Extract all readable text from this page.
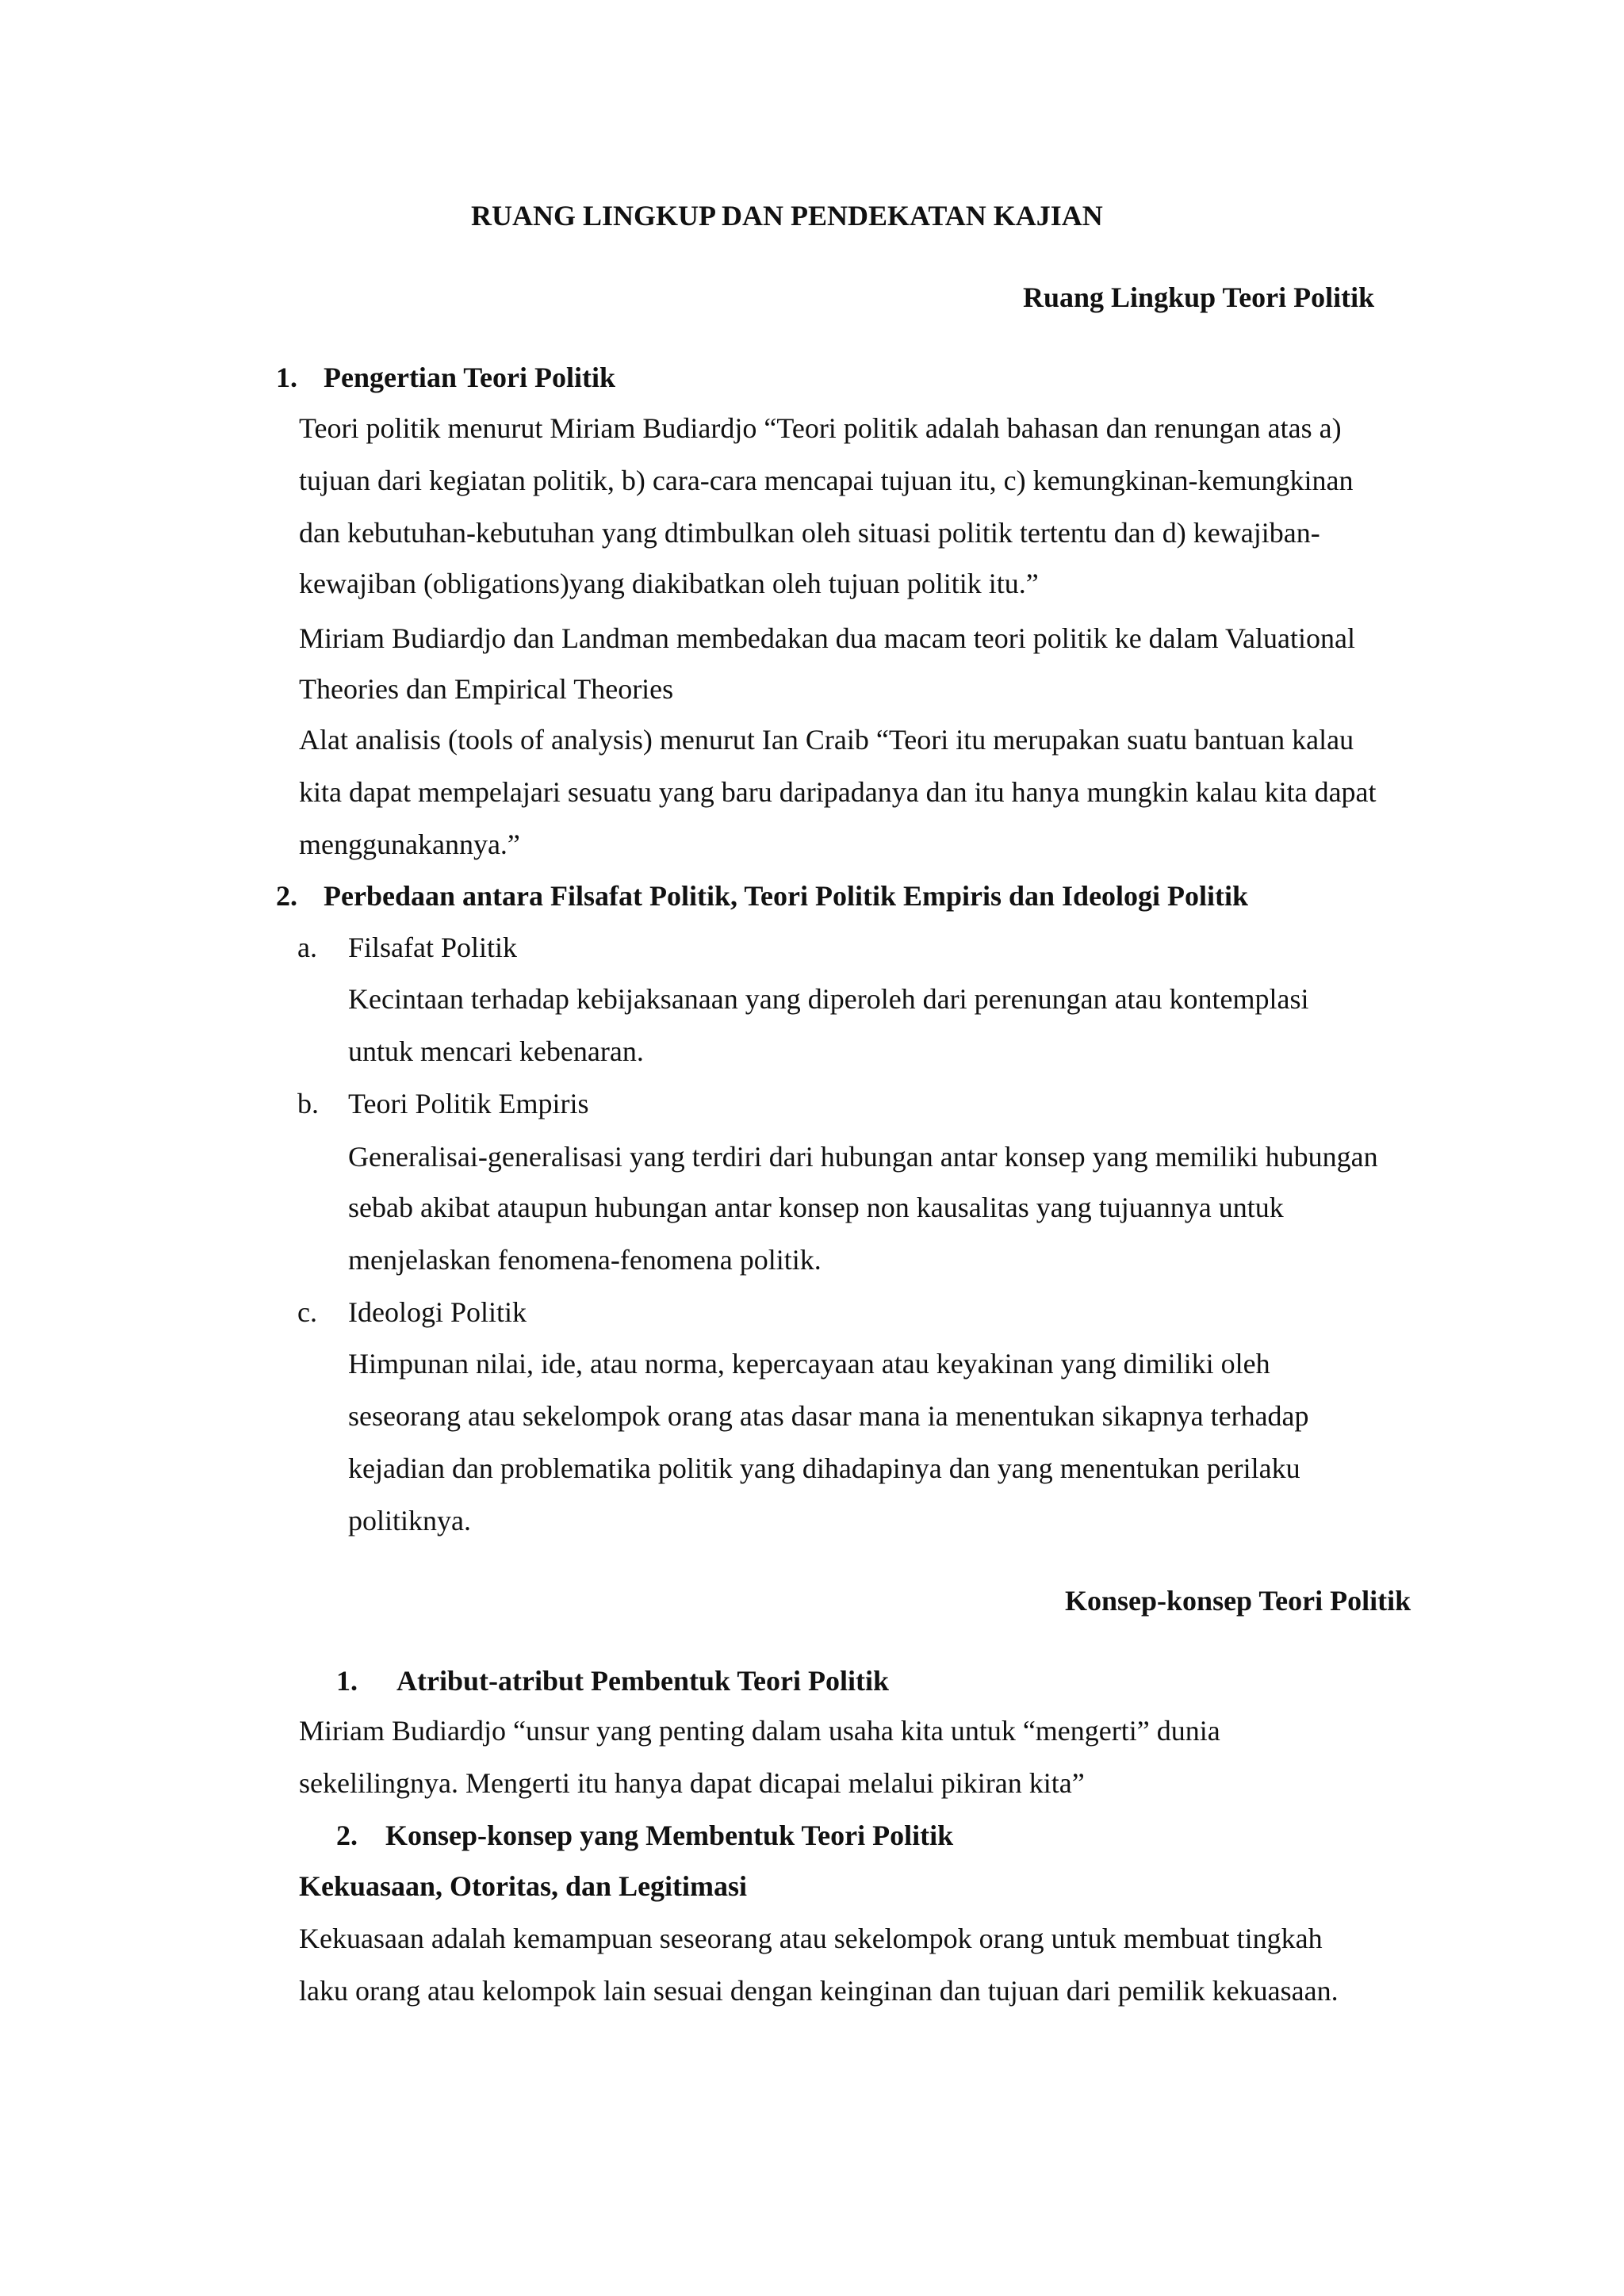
RUANG LINGKUP DAN PENDEKATAN KAJIAN
Ruang Lingkup Teori Politik
1. Pengertian Teori Politik
Teori politik menurut Miriam Budiardjo “Teori politik adalah bahasan dan renungan atas a)
tujuan dari kegiatan politik, b) cara-cara mencapai tujuan itu, c) kemungkinan-kemungkinan
dan kebutuhan-kebutuhan yang dtimbulkan oleh situasi politik tertentu dan d) kewajiban-
kewajiban (obligations)yang diakibatkan oleh tujuan politik itu.”
Miriam Budiardjo dan Landman membedakan dua macam teori politik ke dalam Valuational
Theories dan Empirical Theories
Alat analisis (tools of analysis) menurut Ian Craib “Teori itu merupakan suatu bantuan kalau
kita dapat mempelajari sesuatu yang baru daripadanya dan itu hanya mungkin kalau kita dapat
menggunakannya.”
2. Perbedaan antara Filsafat Politik, Teori Politik Empiris dan Ideologi Politik
a. Filsafat Politik
Kecintaan terhadap kebijaksanaan yang diperoleh dari perenungan atau kontemplasi
untuk mencari kebenaran.
b. Teori Politik Empiris
Generalisai-generalisasi yang terdiri dari hubungan antar konsep yang memiliki hubungan
sebab akibat ataupun hubungan antar konsep non kausalitas yang tujuannya untuk
menjelaskan fenomena-fenomena politik.
c. Ideologi Politik
Himpunan nilai, ide, atau norma, kepercayaan atau keyakinan yang dimiliki oleh
seseorang atau sekelompok orang atas dasar mana ia menentukan sikapnya terhadap
kejadian dan problematika politik yang dihadapinya dan yang menentukan perilaku
politiknya.
Konsep-konsep Teori Politik
1. Atribut-atribut Pembentuk Teori Politik
Miriam Budiardjo “unsur yang penting dalam usaha kita untuk “mengerti” dunia
sekelilingnya. Mengerti itu hanya dapat dicapai melalui pikiran kita”
2. Konsep-konsep yang Membentuk Teori Politik
Kekuasaan, Otoritas, dan Legitimasi
Kekuasaan adalah kemampuan seseorang atau sekelompok orang untuk membuat tingkah
laku orang atau kelompok lain sesuai dengan keinginan dan tujuan dari pemilik kekuasaan.
